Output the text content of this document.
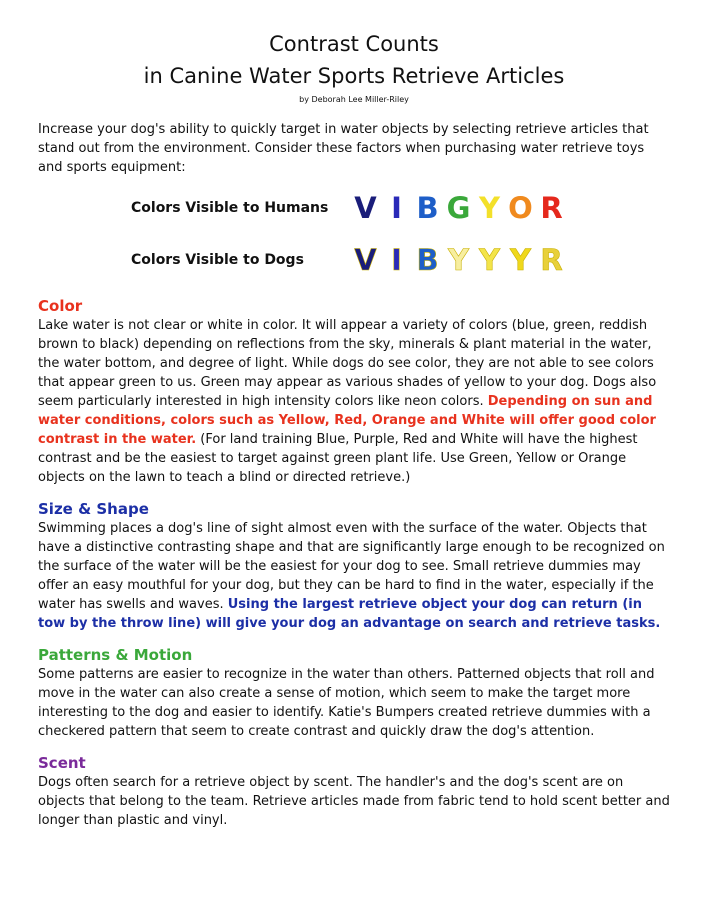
Contrast Counts
in Canine Water Sports Retrieve Articles
by Deborah Lee Miller-Riley

Increase your dog's ability to quickly target in water objects by selecting retrieve articles that stand out from the environment. Consider these factors when purchasing water retrieve toys and sports equipment:

Colors Visible to Humans V I B G Y O R
Colors Visible to Dogs V I B Y Y Y R
Color

Lake water is not clear or white in color. It will appear a variety of colors (blue, green, reddish brown to black) depending on reflections from the sky, minerals & plant material in the water, the water bottom, and degree of light. While dogs do see color, they are not able to see colors that appear green to us. Green may appear as various shades of yellow to your dog. Dogs also seem particularly interested in high intensity colors like neon colors. Depending on sun and water conditions, colors such as Yellow, Red, Orange and White will offer good color contrast in the water. (For land training Blue, Purple, Red and White will have the highest contrast and be the easiest to target against green plant life. Use Green, Yellow or Orange objects on the lawn to teach a blind or directed retrieve.)

Size & Shape

Swimming places a dog's line of sight almost even with the surface of the water. Objects that have a distinctive contrasting shape and that are significantly large enough to be recognized on the surface of the water will be the easiest for your dog to see. Small retrieve dummies may offer an easy mouthful for your dog, but they can be hard to find in the water, especially if the water has swells and waves. Using the largest retrieve object your dog can return (in tow by the throw line) will give your dog an advantage on search and retrieve tasks.

Patterns & Motion

Some patterns are easier to recognize in the water than others. Patterned objects that roll and move in the water can also create a sense of motion, which seem to make the target more interesting to the dog and easier to identify. Katie's Bumpers created retrieve dummies with a checkered pattern that seem to create contrast and quickly draw the dog's attention.

Scent

Dogs often search for a retrieve object by scent. The handler's and the dog's scent are on objects that belong to the team. Retrieve articles made from fabric tend to hold scent better and longer than plastic and vinyl.
